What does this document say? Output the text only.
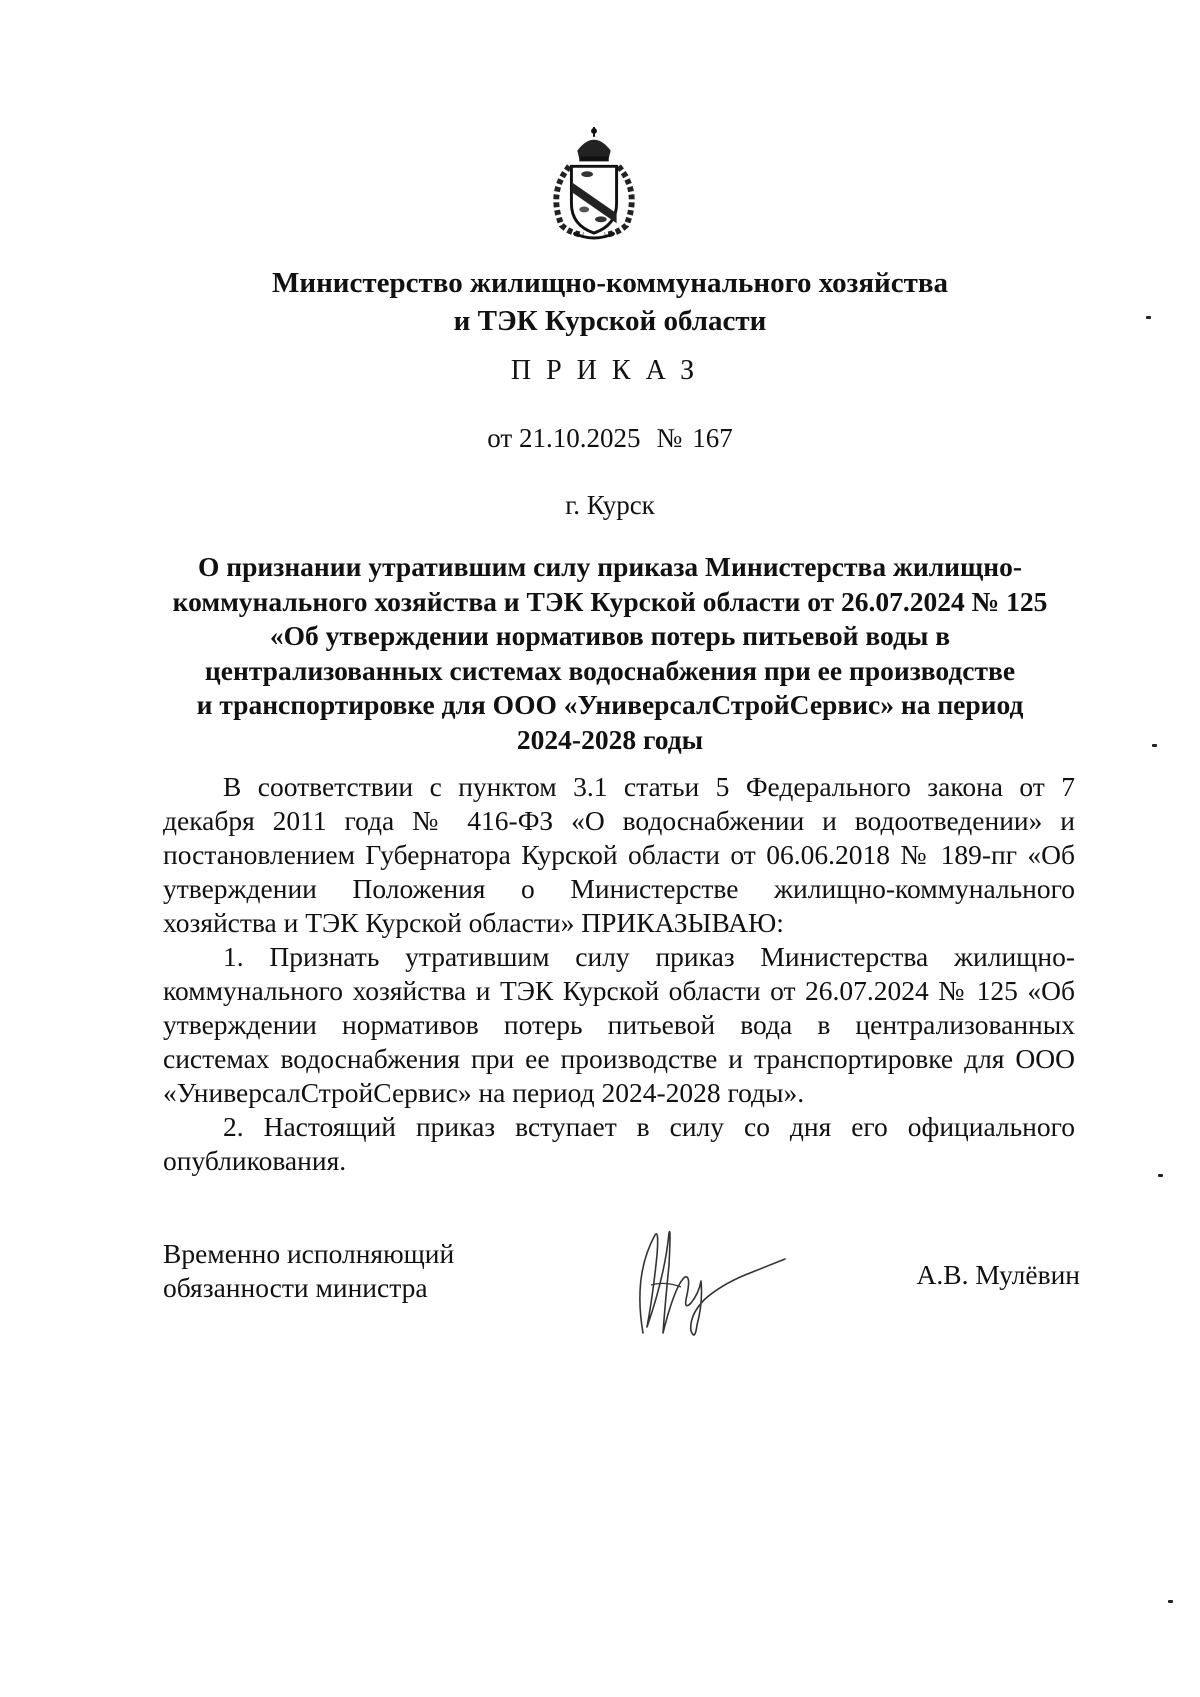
Министерство жилищно-коммунального хозяйства
и ТЭК Курской области
ПРИКАЗ
от 21.10.2025 № 167
г. Курск
О признании утратившим силу приказа Министерства жилищно-
коммунального хозяйства и ТЭК Курской области от 26.07.2024 № 125
«Об утверждении нормативов потерь питьевой воды в
централизованных системах водоснабжения при ее производстве
и транспортировке для ООО «УниверсалСтройСервис» на период
2024-2028 годы

В соответствии с пунктом 3.1 статьи 5 Федерального закона от 7 декабря 2011 года № 416-ФЗ «О водоснабжении и водоотведении» и постановлением Губернатора Курской области от 06.06.2018 № 189-пг «Об утверждении Положения о Министерстве жилищно-коммунального хозяйства и ТЭК Курской области» ПРИКАЗЫВАЮ:

1. Признать утратившим силу приказ Министерства жилищно-коммунального хозяйства и ТЭК Курской области от 26.07.2024 № 125 «Об утверждении нормативов потерь питьевой вода в централизованных системах водоснабжения при ее производстве и транспортировке для ООО «УниверсалСтройСервис» на период 2024-2028 годы».

2. Настоящий приказ вступает в силу со дня его официального опубликования.

Временно исполняющий
обязанности министра	А.В. Мулёвин
